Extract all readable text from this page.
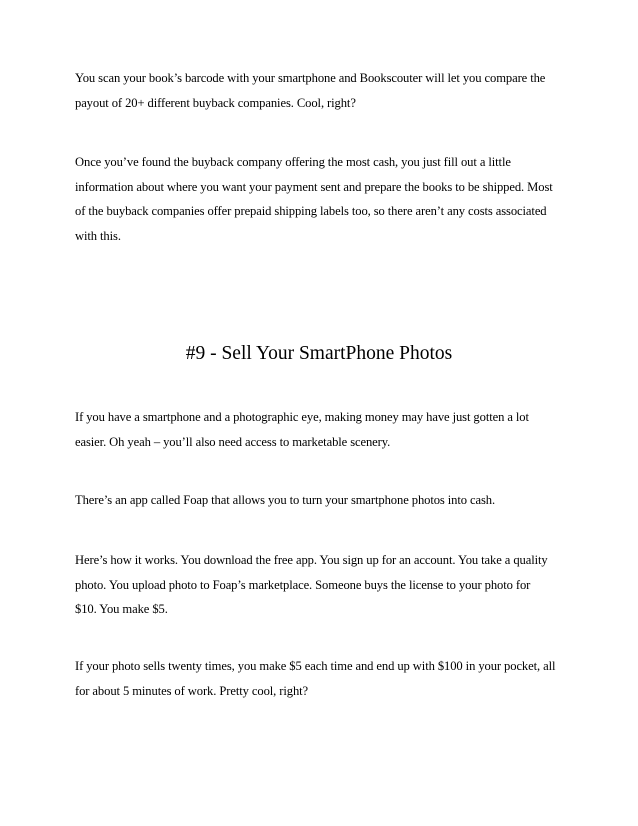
You scan your book’s barcode with your smartphone and Bookscouter will let you compare the
payout of 20+ different buyback companies. Cool, right?

Once you’ve found the buyback company offering the most cash, you just fill out a little
information about where you want your payment sent and prepare the books to be shipped. Most
of the buyback companies offer prepaid shipping labels too, so there aren’t any costs associated
with this.

#9 - Sell Your SmartPhone Photos

If you have a smartphone and a photographic eye, making money may have just gotten a lot
easier. Oh yeah – you’ll also need access to marketable scenery.

There’s an app called Foap that allows you to turn your smartphone photos into cash.

Here’s how it works. You download the free app. You sign up for an account. You take a quality
photo. You upload photo to Foap’s marketplace. Someone buys the license to your photo for
$10. You make $5.

If your photo sells twenty times, you make $5 each time and end up with $100 in your pocket, all
for about 5 minutes of work. Pretty cool, right?
